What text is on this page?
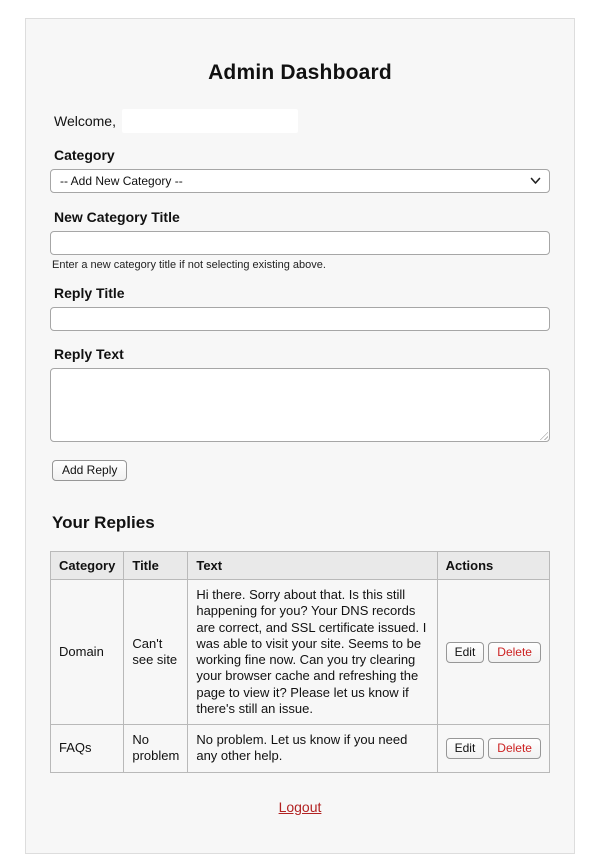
Admin Dashboard
Welcome,
Category
-- Add New Category --
New Category Title
Enter a new category title if not selecting existing above.
Reply Title
Reply Text
Add Reply
Your Replies
Category	Title	Text	Actions
Domain	Can't see site	Hi there. Sorry about that. Is this still happening for you? Your DNS records are correct, and SSL certificate issued. I was able to visit your site. Seems to be working fine now. Can you try clearing your browser cache and refreshing the page to view it? Please let us know if there's still an issue.	Edit Delete
FAQs	No problem	No problem. Let us know if you need any other help.	Edit Delete
Logout
